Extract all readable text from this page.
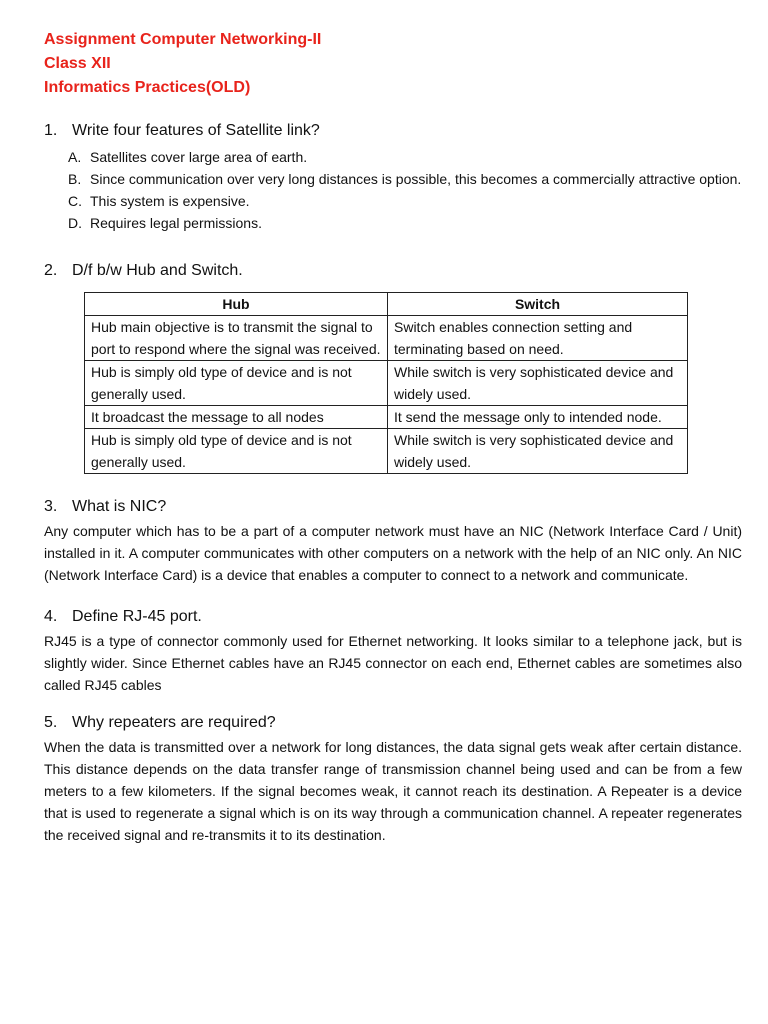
Assignment Computer Networking-II
Class XII
Informatics Practices(OLD)

1. Write four features of Satellite link?

A. Satellites cover large area of earth.
B. Since communication over very long distances is possible, this becomes a commercially attractive option.
C. This system is expensive.
D. Requires legal permissions.

2. D/f b/w Hub and Switch.

Hub	Switch
Hub main objective is to transmit the signal to port to respond where the signal was received.	Switch enables connection setting and terminating based on need.
Hub is simply old type of device and is not generally used.	While switch is very sophisticated device and widely used.
It broadcast the message to all nodes	It send the message only to intended node.
Hub is simply old type of device and is not generally used.	While switch is very sophisticated device and widely used.

3. What is NIC?

Any computer which has to be a part of a computer network must have an NIC (Network Interface Card / Unit) installed in it. A computer communicates with other computers on a network with the help of an NIC only. An NIC (Network Interface Card) is a device that enables a computer to connect to a network and communicate.

4. Define RJ-45 port.

RJ45 is a type of connector commonly used for Ethernet networking. It looks similar to a telephone jack, but is slightly wider. Since Ethernet cables have an RJ45 connector on each end, Ethernet cables are sometimes also called RJ45 cables

5. Why repeaters are required?

When the data is transmitted over a network for long distances, the data signal gets weak after certain distance. This distance depends on the data transfer range of transmission channel being used and can be from a few meters to a few kilometers. If the signal becomes weak, it cannot reach its destination. A Repeater is a device that is used to regenerate a signal which is on its way through a communication channel. A repeater regenerates the received signal and re-transmits it to its destination.
